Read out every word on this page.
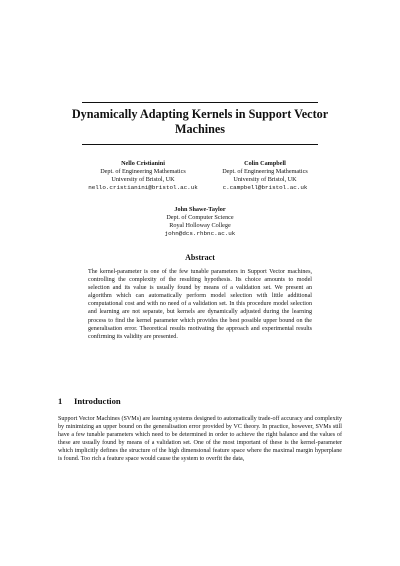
Dynamically Adapting Kernels in Support Vector Machines
Nello Cristianini
Dept. of Engineering Mathematics
University of Bristol, UK
nello.cristianini@bristol.ac.uk
Colin Campbell
Dept. of Engineering Mathematics
University of Bristol, UK
c.campbell@bristol.ac.uk
John Shawe-Taylor
Dept. of Computer Science
Royal Holloway College
john@dcs.rhbnc.ac.uk
Abstract

The kernel-parameter is one of the few tunable parameters in Support Vector machines, controlling the complexity of the resulting hypothesis. Its choice amounts to model selection and its value is usually found by means of a validation set. We present an algorithm which can automatically perform model selection with little additional computational cost and with no need of a validation set. In this procedure model selection and learning are not separate, but kernels are dynamically adjusted during the learning process to find the kernel parameter which provides the best possible upper bound on the generalisation error. Theoretical results motivating the approach and experimental results confirming its validity are presented.

1 Introduction

Support Vector Machines (SVMs) are learning systems designed to automatically trade-off accuracy and complexity by minimizing an upper bound on the generalisation error provided by VC theory. In practice, however, SVMs still have a few tunable parameters which need to be determined in order to achieve the right balance and the values of these are usually found by means of a validation set. One of the most important of these is the kernel-parameter which implicitly defines the structure of the high dimensional feature space where the maximal margin hyperplane is found. Too rich a feature space would cause the system to overfit the data,
